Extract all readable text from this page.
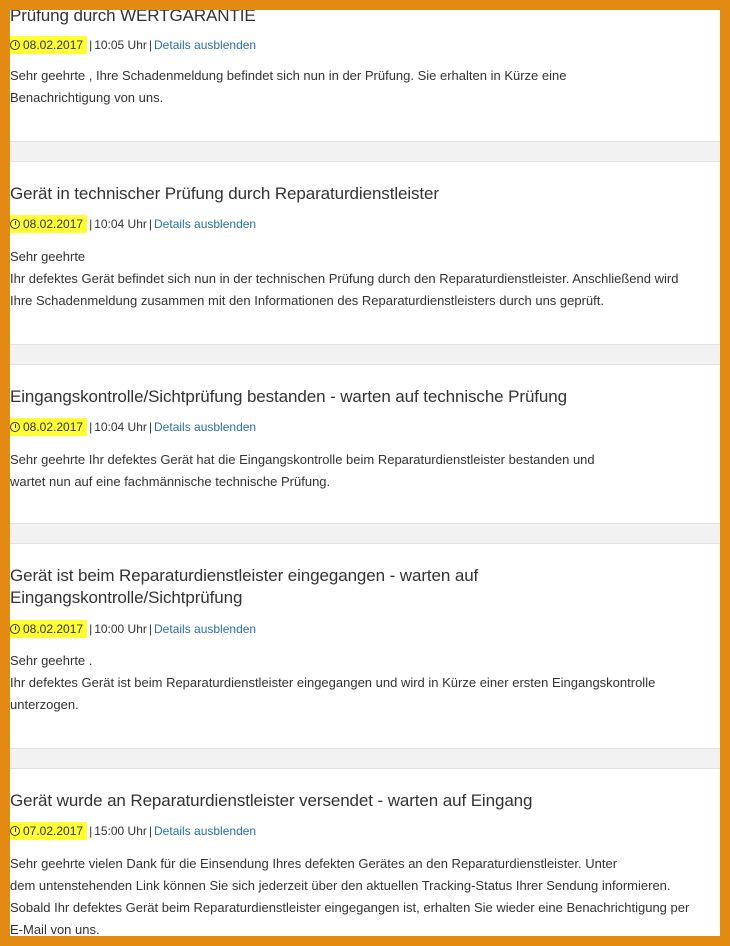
Prüfung durch WERTGARANTIE
08.02.2017 | 10:05 Uhr | Details ausblenden

Sehr geehrte , Ihre Schadenmeldung befindet sich nun in der Prüfung. Sie erhalten in Kürze eine

Benachrichtigung von uns.

Gerät in technischer Prüfung durch Reparaturdienstleister
08.02.2017 | 10:04 Uhr | Details ausblenden

Sehr geehrte

Ihr defektes Gerät befindet sich nun in der technischen Prüfung durch den Reparaturdienstleister. Anschließend wird

Ihre Schadenmeldung zusammen mit den Informationen des Reparaturdienstleisters durch uns geprüft.

Eingangskontrolle/Sichtprüfung bestanden - warten auf technische Prüfung
08.02.2017 | 10:04 Uhr | Details ausblenden

Sehr geehrte Ihr defektes Gerät hat die Eingangskontrolle beim Reparaturdienstleister bestanden und

wartet nun auf eine fachmännische technische Prüfung.

Gerät ist beim Reparaturdienstleister eingegangen - warten auf
Eingangskontrolle/Sichtprüfung
08.02.2017 | 10:00 Uhr | Details ausblenden

Sehr geehrte .

Ihr defektes Gerät ist beim Reparaturdienstleister eingegangen und wird in Kürze einer ersten Eingangskontrolle

unterzogen.

Gerät wurde an Reparaturdienstleister versendet - warten auf Eingang
07.02.2017 | 15:00 Uhr | Details ausblenden

Sehr geehrte vielen Dank für die Einsendung Ihres defekten Gerätes an den Reparaturdienstleister. Unter

dem untenstehenden Link können Sie sich jederzeit über den aktuellen Tracking-Status Ihrer Sendung informieren.

Sobald Ihr defektes Gerät beim Reparaturdienstleister eingegangen ist, erhalten Sie wieder eine Benachrichtigung per

E-Mail von uns.
